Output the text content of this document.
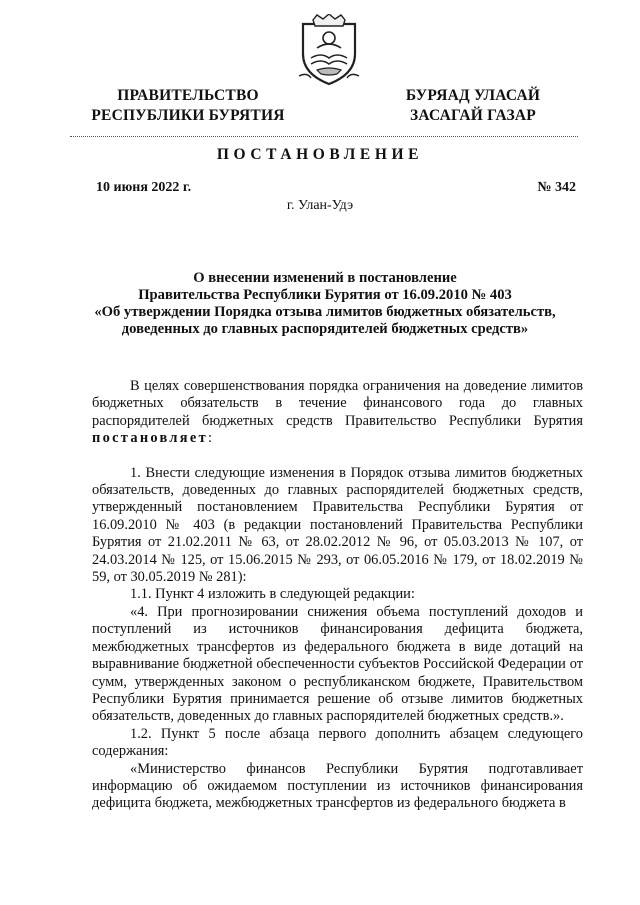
ПРАВИТЕЛЬСТВО
РЕСПУБЛИКИ БУРЯТИЯ
БУРЯАД УЛАСАЙ
ЗАСАГАЙ ГАЗАР
ПОСТАНОВЛЕНИЕ
10 июня 2022 г.	№ 342
г. Улан-Удэ
О внесении изменений в постановление
Правительства Республики Бурятия от 16.09.2010 № 403
«Об утверждении Порядка отзыва лимитов бюджетных обязательств,
доведенных до главных распорядителей бюджетных средств»

В целях совершенствования порядка ограничения на доведение лимитов бюджетных обязательств в течение финансового года до главных распорядителей бюджетных средств Правительство Республики Бурятия постановляет:

1. Внести следующие изменения в Порядок отзыва лимитов бюджетных обязательств, доведенных до главных распорядителей бюджетных средств, утвержденный постановлением Правительства Республики Бурятия от 16.09.2010 № 403 (в редакции постановлений Правительства Республики Бурятия от 21.02.2011 № 63, от 28.02.2012 № 96, от 05.03.2013 № 107, от 24.03.2014 № 125, от 15.06.2015 № 293, от 06.05.2016 № 179, от 18.02.2019 № 59, от 30.05.2019 № 281):

1.1. Пункт 4 изложить в следующей редакции:

«4. При прогнозировании снижения объема поступлений доходов и поступлений из источников финансирования дефицита бюджета, межбюджетных трансфертов из федерального бюджета в виде дотаций на выравнивание бюджетной обеспеченности субъектов Российской Федерации от сумм, утвержденных законом о республиканском бюджете, Правительством Республики Бурятия принимается решение об отзыве лимитов бюджетных обязательств, доведенных до главных распорядителей бюджетных средств.».

1.2. Пункт 5 после абзаца первого дополнить абзацем следующего содержания:

«Министерство финансов Республики Бурятия подготавливает информацию об ожидаемом поступлении из источников финансирования дефицита бюджета, межбюджетных трансфертов из федерального бюджета в
